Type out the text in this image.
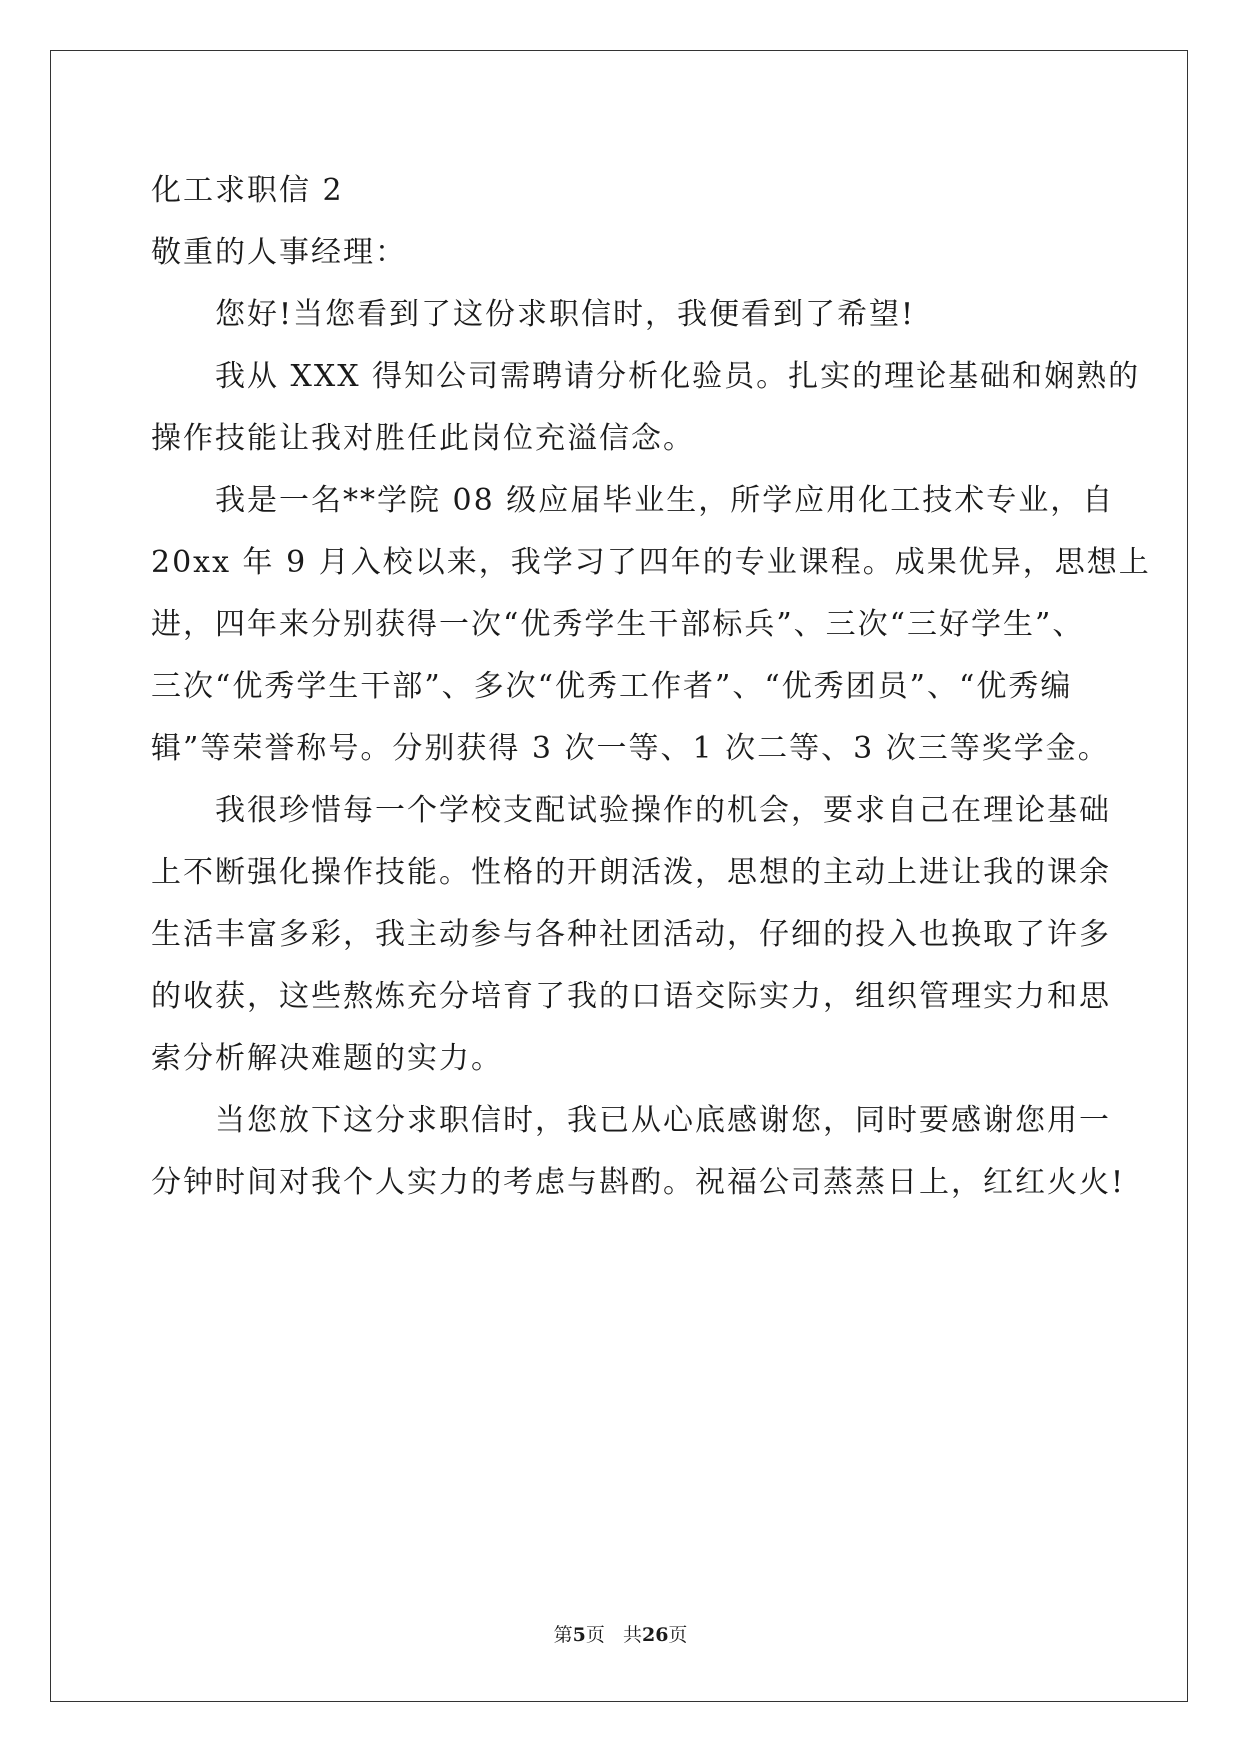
化工求职信 2
敬重的人事经理：
您好!当您看到了这份求职信时，我便看到了希望!
我从 XXX 得知公司需聘请分析化验员。扎实的理论基础和娴熟的
操作技能让我对胜任此岗位充溢信念。
我是一名**学院 08 级应届毕业生，所学应用化工技术专业，自
20xx 年 9 月入校以来，我学习了四年的专业课程。成果优异，思想上
进，四年来分别获得一次“优秀学生干部标兵”、三次“三好学生”、
三次“优秀学生干部”、多次“优秀工作者”、“优秀团员”、“优秀编
辑”等荣誉称号。分别获得 3 次一等、1 次二等、3 次三等奖学金。
我很珍惜每一个学校支配试验操作的机会，要求自己在理论基础
上不断强化操作技能。性格的开朗活泼，思想的主动上进让我的课余
生活丰富多彩，我主动参与各种社团活动，仔细的投入也换取了许多
的收获，这些熬炼充分培育了我的口语交际实力，组织管理实力和思
索分析解决难题的实力。
当您放下这分求职信时，我已从心底感谢您，同时要感谢您用一
分钟时间对我个人实力的考虑与斟酌。祝福公司蒸蒸日上，红红火火!
第5页 共26页
